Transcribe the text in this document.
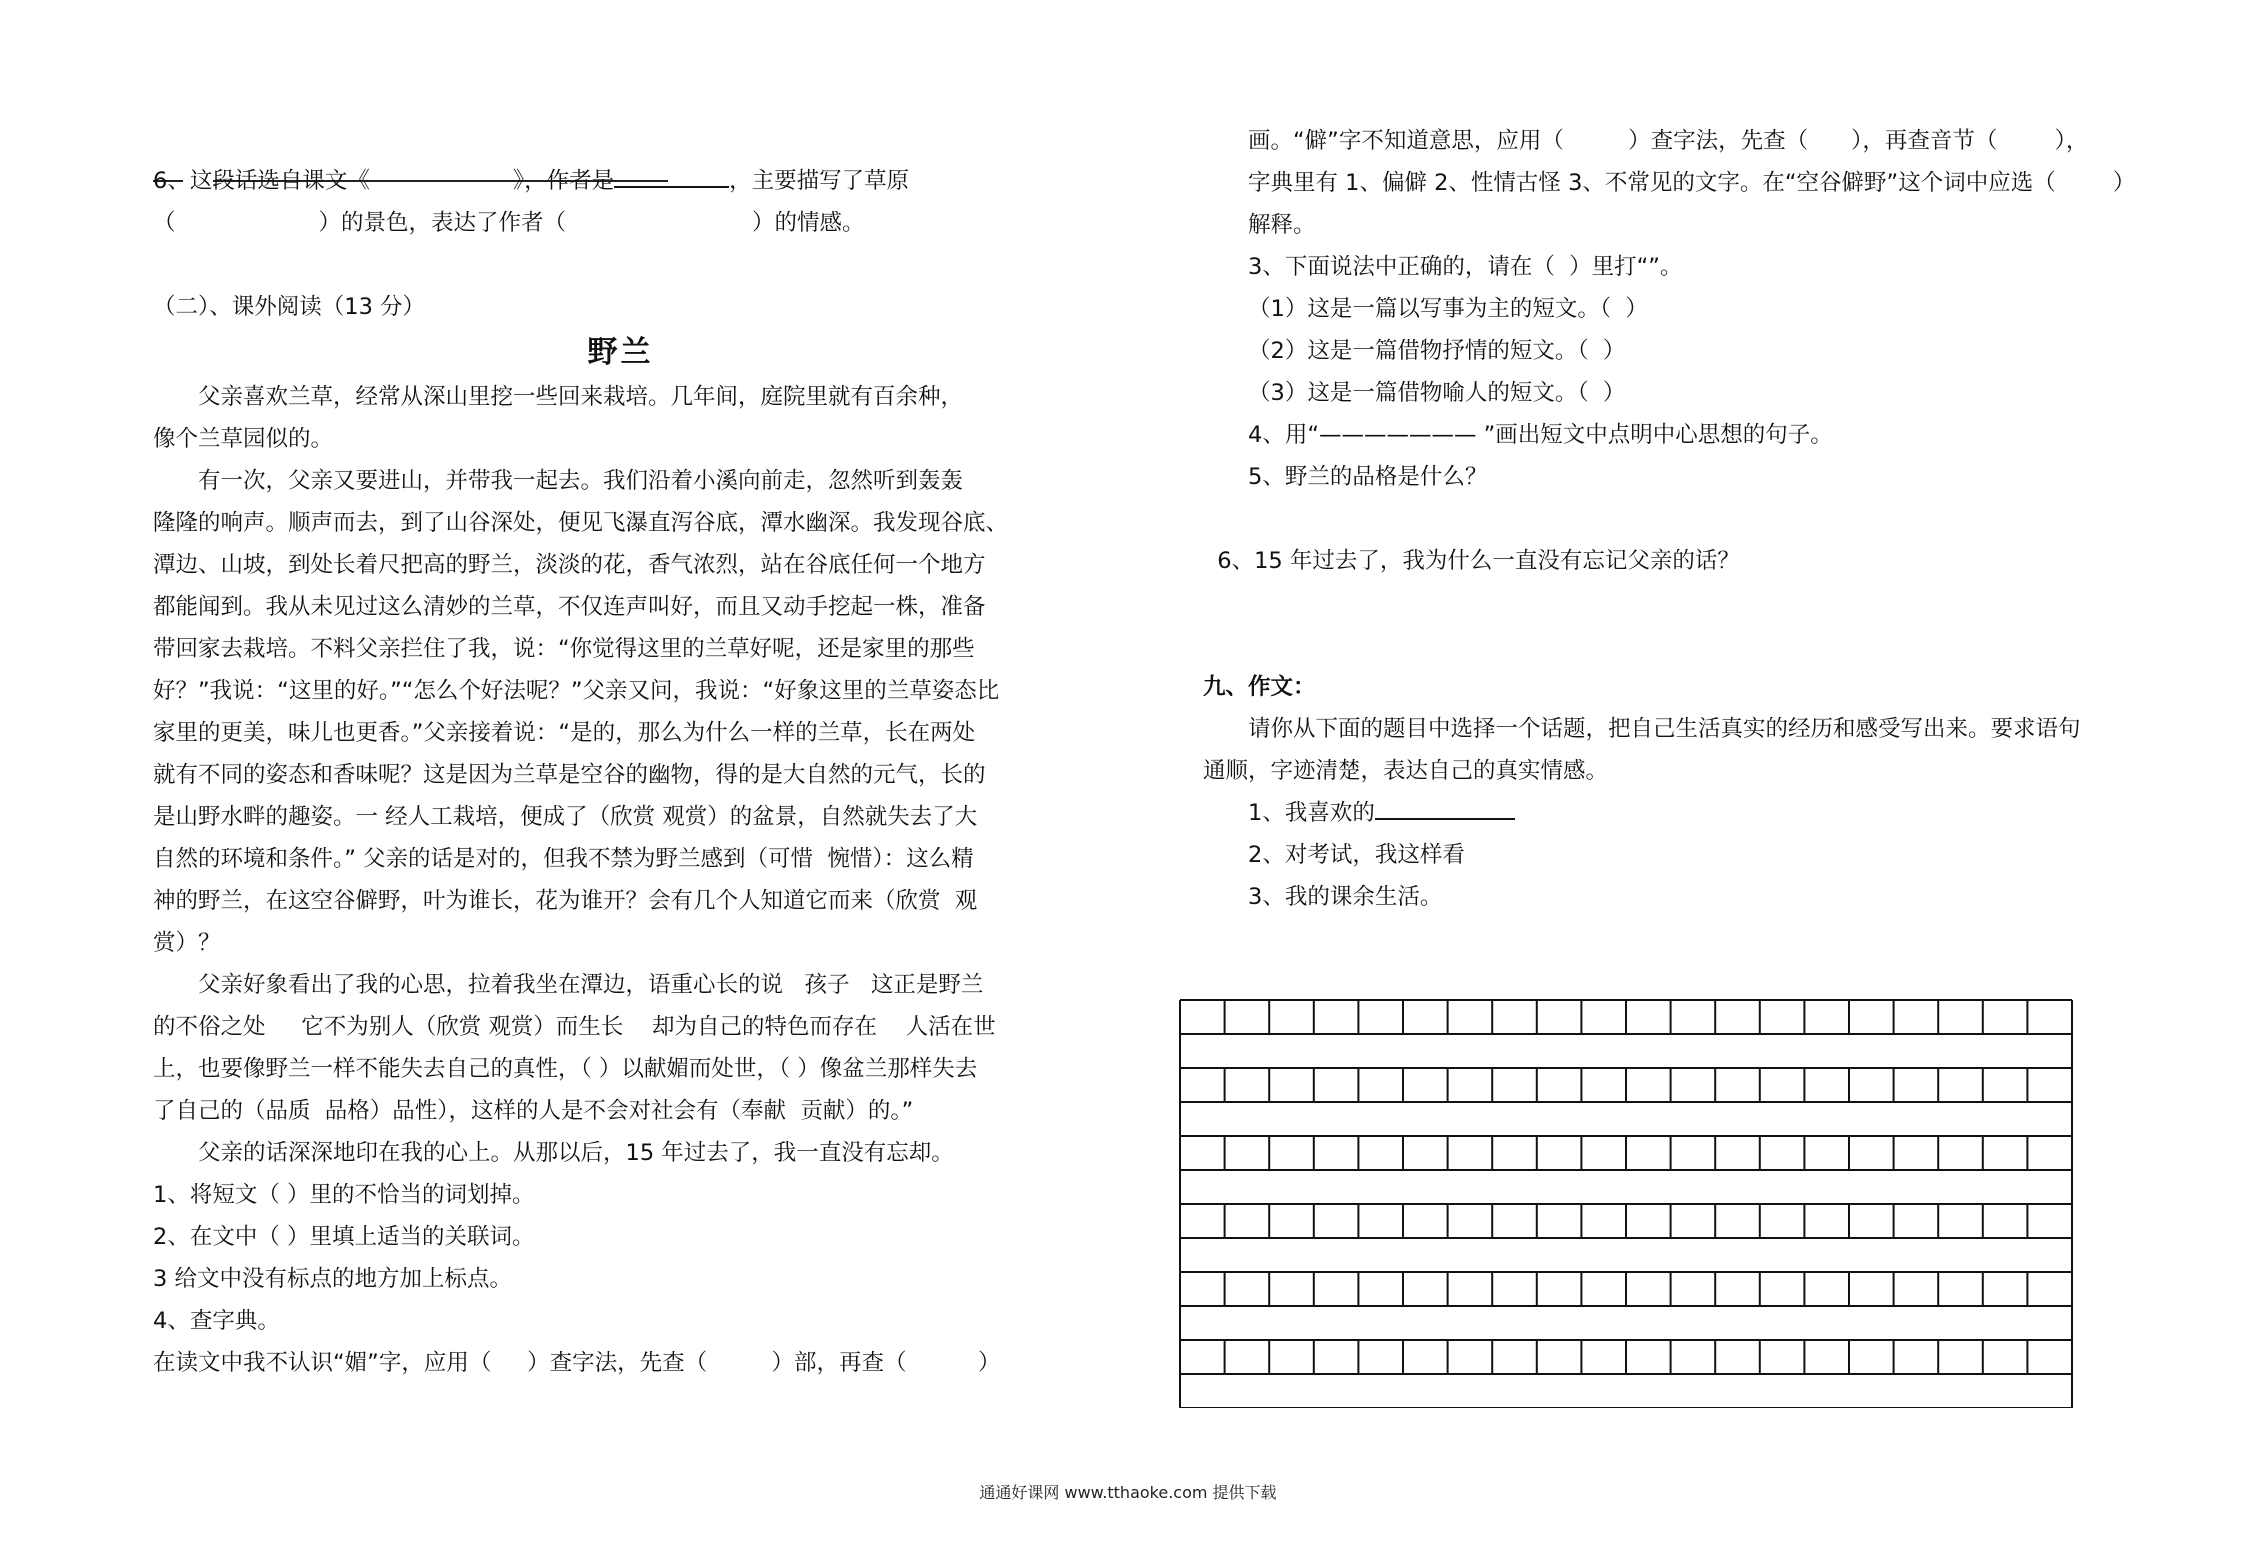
6、这段话选自课文《                    》，作者是	，主要描写了草原
（                    ）的景色，表达了作者（                          ）的情感。
（二）、课外阅读（13 分）
野兰
父亲喜欢兰草，经常从深山里挖一些回来栽培。几年间，庭院里就有百余种，
像个兰草园似的。
有一次，父亲又要进山，并带我一起去。我们沿着小溪向前走，忽然听到轰轰
隆隆的响声。顺声而去，到了山谷深处，便见飞瀑直泻谷底，潭水幽深。我发现谷底、
潭边、山坡，到处长着尺把高的野兰，淡淡的花，香气浓烈，站在谷底任何一个地方
都能闻到。我从未见过这么清妙的兰草，不仅连声叫好，而且又动手挖起一株，准备
带回家去栽培。不料父亲拦住了我，说：“你觉得这里的兰草好呢，还是家里的那些
好？”我说：“这里的好。”“怎么个好法呢？”父亲又问，我说：“好象这里的兰草姿态比
家里的更美，味儿也更香。”父亲接着说：“是的，那么为什么一样的兰草，长在两处
就有不同的姿态和香味呢？这是因为兰草是空谷的幽物，得的是大自然的元气，长的
是山野水畔的趣姿。一 经人工栽培，便成了（欣赏 观赏）的盆景，自然就失去了大
自然的环境和条件。” 父亲的话是对的，但我不禁为野兰感到（可惜  惋惜）：这么精
神的野兰，在这空谷僻野，叶为谁长，花为谁开？会有几个人知道它而来（欣赏  观
赏）？
父亲好象看出了我的心思，拉着我坐在潭边，语重心长的说   孩子   这正是野兰
的不俗之处     它不为别人（欣赏 观赏）而生长    却为自己的特色而存在    人活在世
上，也要像野兰一样不能失去自己的真性，（ ）以献媚而处世，（ ）像盆兰那样失去
了自己的（品质  品格）品性），这样的人是不会对社会有（奉献  贡献）的。”
父亲的话深深地印在我的心上。从那以后，15 年过去了，我一直没有忘却。
1、将短文（ ）里的不恰当的词划掉。
2、在文中（ ）里填上适当的关联词。
3 给文中没有标点的地方加上标点。
4、查字典。
在读文中我不认识“媚”字，应用（     ）查字法，先查（         ）部，再查（          ）
画。“僻”字不知道意思，应用（         ）查字法，先查（      ），再查音节（        ），
字典里有 1、偏僻 2、性情古怪 3、不常见的文字。在“空谷僻野”这个词中应选（        ）
解释。
3、下面说法中正确的，请在（  ）里打“”。
（1）这是一篇以写事为主的短文。（  ）
（2）这是一篇借物抒情的短文。（  ）
（3）这是一篇借物喻人的短文。（  ）
4、用“——————— ”画出短文中点明中心思想的句子。
5、野兰的品格是什么？
6、15 年过去了，我为什么一直没有忘记父亲的话？
九、作文：
请你从下面的题目中选择一个话题，把自己生活真实的经历和感受写出来。要求语句
通顺，字迹清楚，表达自己的真实情感。
1、我喜欢的
2、对考试，我这样看
3、我的课余生活。
通通好课网 www.tthaoke.com 提供下载
